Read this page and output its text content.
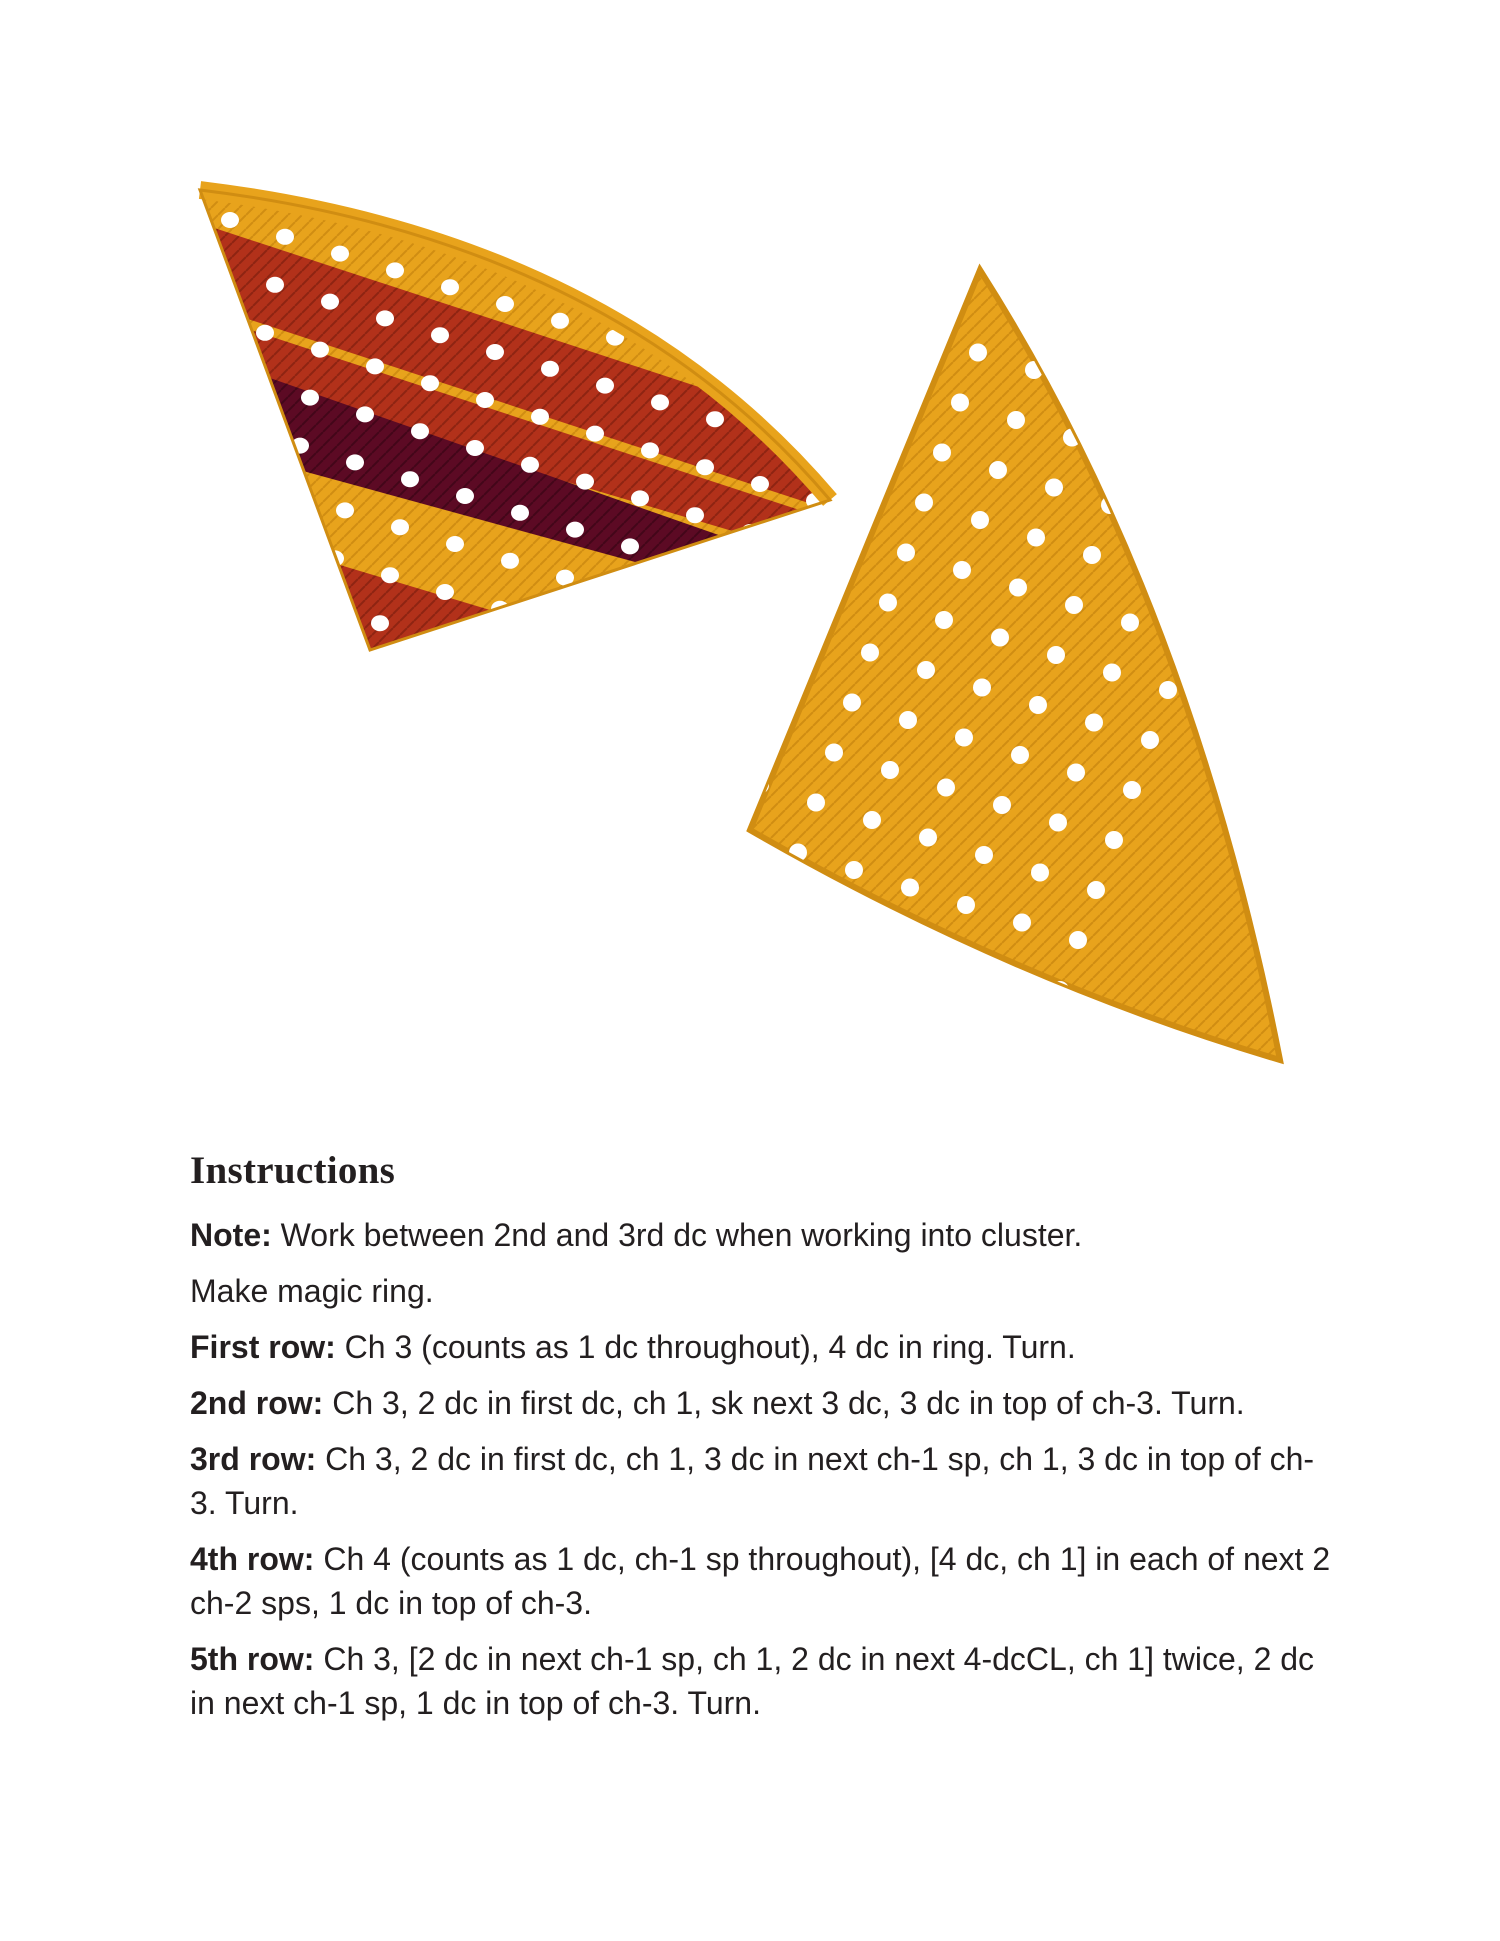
Instructions
Note: Work between 2nd and 3rd dc when working into cluster.
Make magic ring.
First row: Ch 3 (counts as 1 dc throughout), 4 dc in ring. Turn.
2nd row: Ch 3, 2 dc in first dc, ch 1, sk next 3 dc, 3 dc in top of ch-3. Turn.
3rd row: Ch 3, 2 dc in first dc, ch 1, 3 dc in next ch-1 sp, ch 1, 3 dc in top of ch-3. Turn.
4th row: Ch 4 (counts as 1 dc, ch-1 sp throughout), [4 dc, ch 1] in each of next 2 ch-2 sps, 1 dc in top of ch-3.
5th row: Ch 3, [2 dc in next ch-1 sp, ch 1, 2 dc in next 4-dcCL, ch 1] twice, 2 dc in next ch-1 sp, 1 dc in top of ch-3. Turn.
